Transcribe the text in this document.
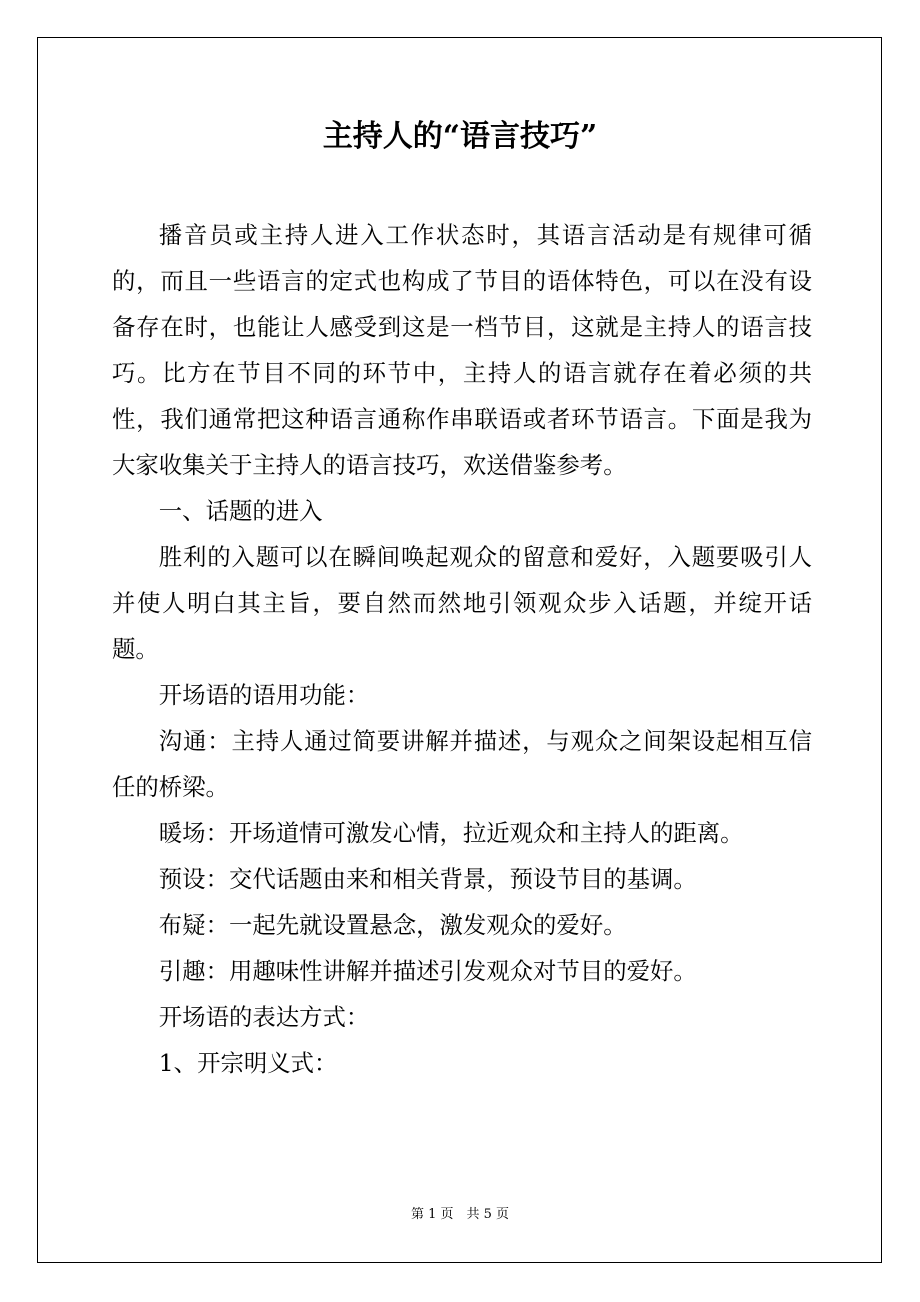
主持人的“语言技巧”

播音员或主持人进入工作状态时，其语言活动是有规律可循的，而且一些语言的定式也构成了节目的语体特色，可以在没有设备存在时，也能让人感受到这是一档节目，这就是主持人的语言技巧。比方在节目不同的环节中，主持人的语言就存在着必须的共性，我们通常把这种语言通称作串联语或者环节语言。下面是我为大家收集关于主持人的语言技巧，欢送借鉴参考。

一、话题的进入

胜利的入题可以在瞬间唤起观众的留意和爱好，入题要吸引人并使人明白其主旨，要自然而然地引领观众步入话题，并绽开话题。

开场语的语用功能：

沟通：主持人通过简要讲解并描述，与观众之间架设起相互信任的桥梁。

暖场：开场道情可激发心情，拉近观众和主持人的距离。

预设：交代话题由来和相关背景，预设节目的基调。

布疑：一起先就设置悬念，激发观众的爱好。

引趣：用趣味性讲解并描述引发观众对节目的爱好。

开场语的表达方式：

1、开宗明义式：

第 1 页　共 5 页
